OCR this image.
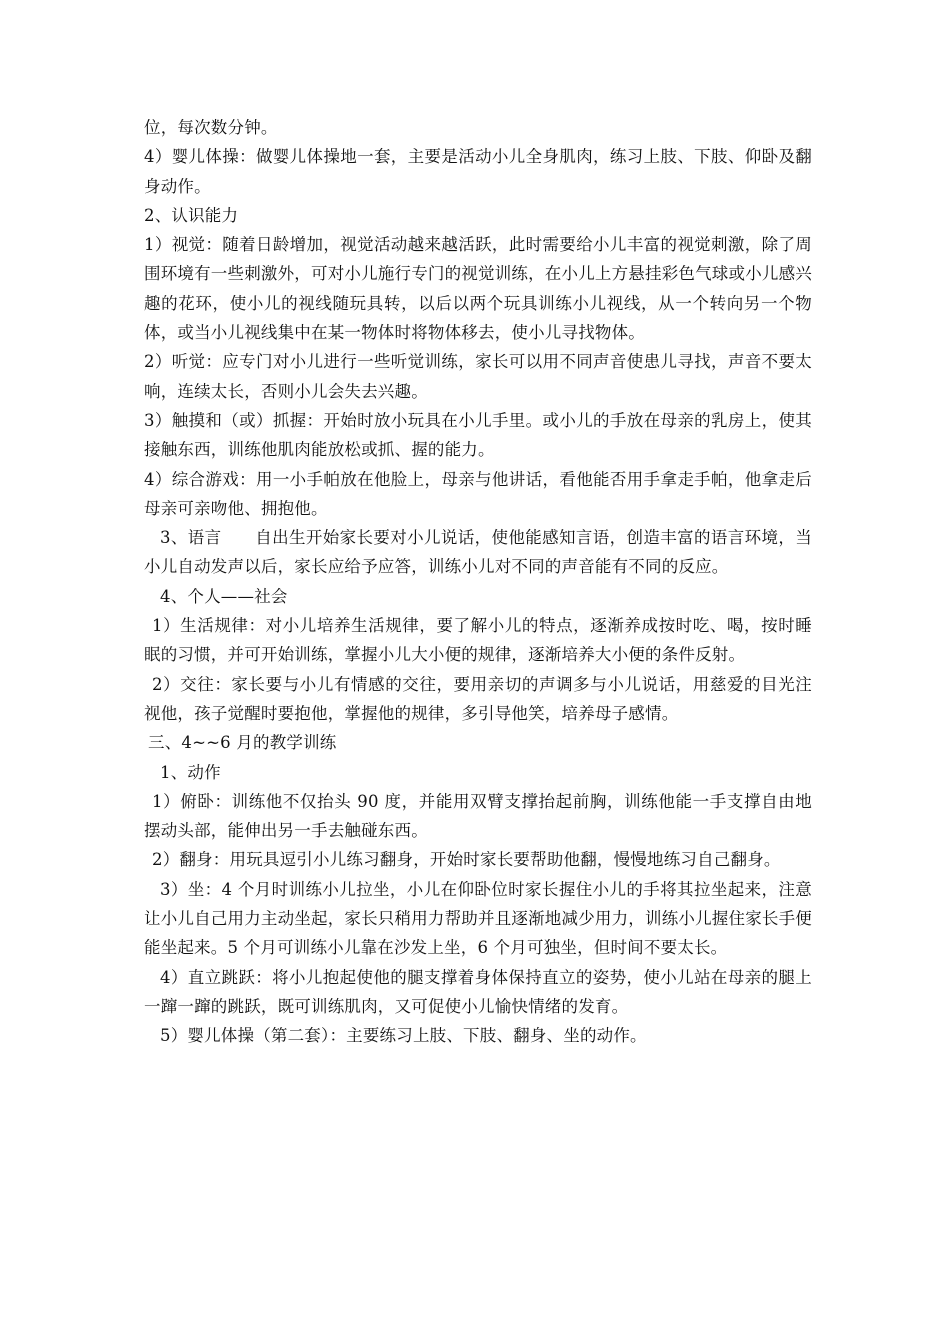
位，每次数分钟。

4）婴儿体操：做婴儿体操地一套，主要是活动小儿全身肌肉，练习上肢、下肢、仰卧及翻身动作。

2、认识能力

1）视觉：随着日龄增加，视觉活动越来越活跃，此时需要给小儿丰富的视觉刺激，除了周围环境有一些刺激外，可对小儿施行专门的视觉训练，在小儿上方悬挂彩色气球或小儿感兴趣的花环，使小儿的视线随玩具转，以后以两个玩具训练小儿视线，从一个转向另一个物体，或当小儿视线集中在某一物体时将物体移去，使小儿寻找物体。

2）听觉：应专门对小儿进行一些听觉训练，家长可以用不同声音使患儿寻找，声音不要太响，连续太长，否则小儿会失去兴趣。

3）触摸和（或）抓握：开始时放小玩具在小儿手里。或小儿的手放在母亲的乳房上，使其接触东西，训练他肌肉能放松或抓、握的能力。

4）综合游戏：用一小手帕放在他脸上，母亲与他讲话，看他能否用手拿走手帕，他拿走后母亲可亲吻他、拥抱他。

3、语言　　自出生开始家长要对小儿说话，使他能感知言语，创造丰富的语言环境，当小儿自动发声以后，家长应给予应答，训练小儿对不同的声音能有不同的反应。

4、个人——社会

1）生活规律：对小儿培养生活规律，要了解小儿的特点，逐渐养成按时吃、喝，按时睡眠的习惯，并可开始训练，掌握小儿大小便的规律，逐渐培养大小便的条件反射。

2）交往：家长要与小儿有情感的交往，要用亲切的声调多与小儿说话，用慈爱的目光注视他，孩子觉醒时要抱他，掌握他的规律，多引导他笑，培养母子感情。

三、4~~6 月的教学训练

1、动作

1）俯卧：训练他不仅抬头 90 度，并能用双臂支撑抬起前胸，训练他能一手支撑自由地摆动头部，能伸出另一手去触碰东西。

2）翻身：用玩具逗引小儿练习翻身，开始时家长要帮助他翻，慢慢地练习自己翻身。

3）坐：4 个月时训练小儿拉坐，小儿在仰卧位时家长握住小儿的手将其拉坐起来，注意让小儿自己用力主动坐起，家长只稍用力帮助并且逐渐地减少用力，训练小儿握住家长手便能坐起来。5 个月可训练小儿靠在沙发上坐，6 个月可独坐，但时间不要太长。

4）直立跳跃：将小儿抱起使他的腿支撑着身体保持直立的姿势，使小儿站在母亲的腿上一蹿一蹿的跳跃，既可训练肌肉，又可促使小儿愉快情绪的发育。

5）婴儿体操（第二套）：主要练习上肢、下肢、翻身、坐的动作。
